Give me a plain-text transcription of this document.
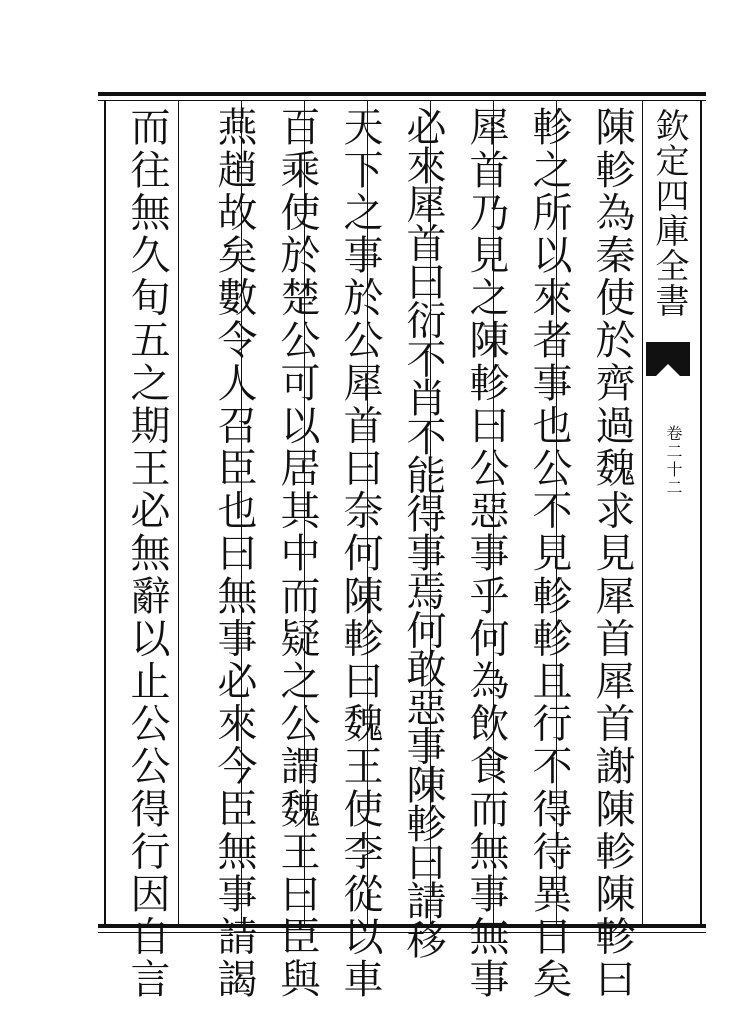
欽定四庫全書
卷二十二
陳軫為秦使於齊過魏求見犀首犀首謝陳軫陳軫曰
軫之所以來者事也公不見軫軫且行不得待異日矣
犀首乃見之陳軫曰公惡事乎何為飲食而無事無事
必來犀首曰衍不肖不能得事焉何敢惡事陳軫曰請移
天下之事於公犀首曰奈何陳軫曰魏王使李從以車
百乘使於楚公可以居其中而疑之公謂魏王曰臣與
燕趙故矣數令人召臣也曰無事必來今臣無事請謁
而往無久旬五之期王必無辭以止公公得行因自言
